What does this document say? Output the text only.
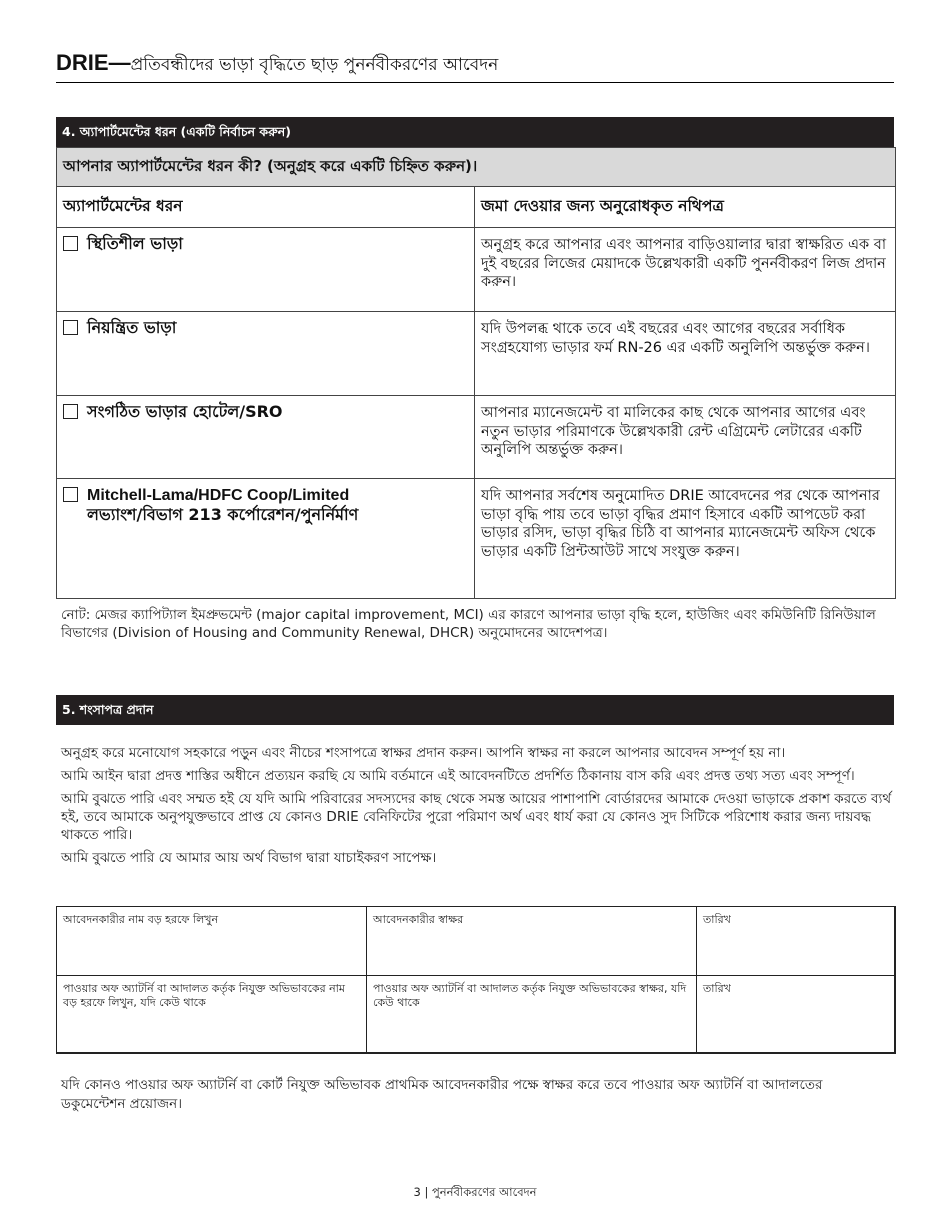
DRIE—প্রতিবন্ধীদের ভাড়া বৃদ্ধিতে ছাড় পুনর্নবীকরণের আবেদন
4. অ্যাপার্টমেন্টের ধরন (একটি নির্বাচন করুন)
আপনার অ্যাপার্টমেন্টের ধরন কী? (অনুগ্রহ করে একটি চিহ্নিত করুন)।	
অ্যাপার্টমেন্টের ধরন	জমা দেওয়ার জন্য অনুরোধকৃত নথিপত্র

স্থিতিশীল ভাড়া	অনুগ্রহ করে আপনার এবং আপনার বাড়িওয়ালার দ্বারা স্বাক্ষরিত এক বা দুই বছরের লিজের মেয়াদকে উল্লেখকারী একটি পুনর্নবীকরণ লিজ প্রদান করুন।

নিয়ন্ত্রিত ভাড়া	যদি উপলব্ধ থাকে তবে এই বছরের এবং আগের বছরের সর্বাধিক সংগ্রহযোগ্য ভাড়ার ফর্ম RN-26 এর একটি অনুলিপি অন্তর্ভুক্ত করুন।

সংগঠিত ভাড়ার হোটেল/SRO	আপনার ম্যানেজমেন্ট বা মালিকের কাছ থেকে আপনার আগের এবং নতুন ভাড়ার পরিমাণকে উল্লেখকারী রেন্ট এগ্রিমেন্ট লেটারের একটি অনুলিপি অন্তর্ভুক্ত করুন।

Mitchell-Lama/HDFC Coop/Limited
লভ্যাংশ/বিভাগ 213 কর্পোরেশন/পুনর্নির্মাণ	যদি আপনার সর্বশেষ অনুমোদিত DRIE আবেদনের পর থেকে আপনার ভাড়া বৃদ্ধি পায় তবে ভাড়া বৃদ্ধির প্রমাণ হিসাবে একটি আপডেট করা ভাড়ার রসিদ, ভাড়া বৃদ্ধির চিঠি বা আপনার ম্যানেজমেন্ট অফিস থেকে ভাড়ার একটি প্রিন্টআউট সাথে সংযুক্ত করুন।
নোট: মেজর ক্যাপিট্যাল ইমপ্রুভমেন্ট (major capital improvement, MCI) এর কারণে আপনার ভাড়া বৃদ্ধি হলে, হাউজিং এবং কমিউনিটি রিনিউয়াল বিভাগের (Division of Housing and Community Renewal, DHCR) অনুমোদনের আদেশপত্র।
5. শংসাপত্র প্রদান

অনুগ্রহ করে মনোযোগ সহকারে পড়ুন এবং নীচের শংসাপত্রে স্বাক্ষর প্রদান করুন। আপনি স্বাক্ষর না করলে আপনার আবেদন সম্পূর্ণ হয় না।

আমি আইন দ্বারা প্রদত্ত শাস্তির অধীনে প্রত্যয়ন করছি যে আমি বর্তমানে এই আবেদনটিতে প্রদর্শিত ঠিকানায় বাস করি এবং প্রদত্ত তথ্য সত্য এবং সম্পূর্ণ।

আমি বুঝতে পারি এবং সম্মত হই যে যদি আমি পরিবারের সদস্যদের কাছ থেকে সমস্ত আয়ের পাশাপাশি বোর্ডারদের আমাকে দেওয়া ভাড়াকে প্রকাশ করতে ব্যর্থ হই, তবে আমাকে অনুপযুক্তভাবে প্রাপ্ত যে কোনও DRIE বেনিফিটের পুরো পরিমাণ অর্থ এবং ধার্য করা যে কোনও সুদ সিটিকে পরিশোধ করার জন্য দায়বদ্ধ থাকতে পারি।

আমি বুঝতে পারি যে আমার আয় অর্থ বিভাগ দ্বারা যাচাইকরণ সাপেক্ষ।

আবেদনকারীর নাম বড় হরফে লিখুন	আবেদনকারীর স্বাক্ষর	তারিখ
পাওয়ার অফ অ্যাটর্নি বা আদালত কর্তৃক নিযুক্ত অভিভাবকের নাম বড় হরফে লিখুন, যদি কেউ থাকে	পাওয়ার অফ অ্যাটর্নি বা আদালত কর্তৃক নিযুক্ত অভিভাবকের স্বাক্ষর, যদি কেউ থাকে	তারিখ
যদি কোনও পাওয়ার অফ অ্যাটর্নি বা কোর্ট নিযুক্ত অভিভাবক প্রাথমিক আবেদনকারীর পক্ষে স্বাক্ষর করে তবে পাওয়ার অফ অ্যাটর্নি বা আদালতের ডকুমেন্টেশন প্রয়োজন।
3 | পুনর্নবীকরণের আবেদন
